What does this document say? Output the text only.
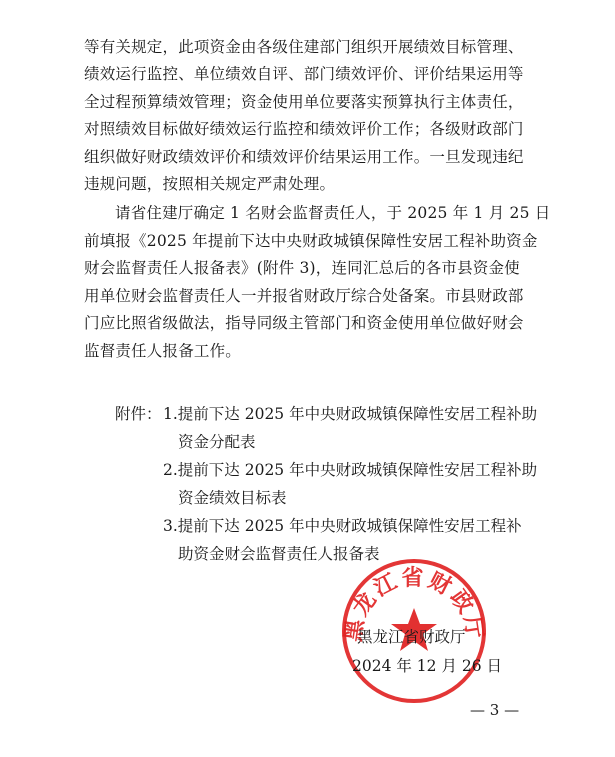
等有关规定，此项资金由各级住建部门组织开展绩效目标管理、
绩效运行监控、单位绩效自评、部门绩效评价、评价结果运用等
全过程预算绩效管理；资金使用单位要落实预算执行主体责任，
对照绩效目标做好绩效运行监控和绩效评价工作；各级财政部门
组织做好财政绩效评价和绩效评价结果运用工作。一旦发现违纪
违规问题，按照相关规定严肃处理。
请省住建厅确定 1 名财会监督责任人，于 2025 年 1 月 25 日
前填报《2025 年提前下达中央财政城镇保障性安居工程补助资金
财会监督责任人报备表》(附件 3)，连同汇总后的各市县资金使
用单位财会监督责任人一并报省财政厅综合处备案。市县财政部
门应比照省级做法，指导同级主管部门和资金使用单位做好财会
监督责任人报备工作。
附件： 1.提前下达 2025 年中央财政城镇保障性安居工程补助
资金分配表
2.提前下达 2025 年中央财政城镇保障性安居工程补助
资金绩效目标表
3.提前下达 2025 年中央财政城镇保障性安居工程补
助资金财会监督责任人报备表
黑龙江省财政厅
黑龙江省财政厅
2024 年 12 月 26 日
— 3 —
